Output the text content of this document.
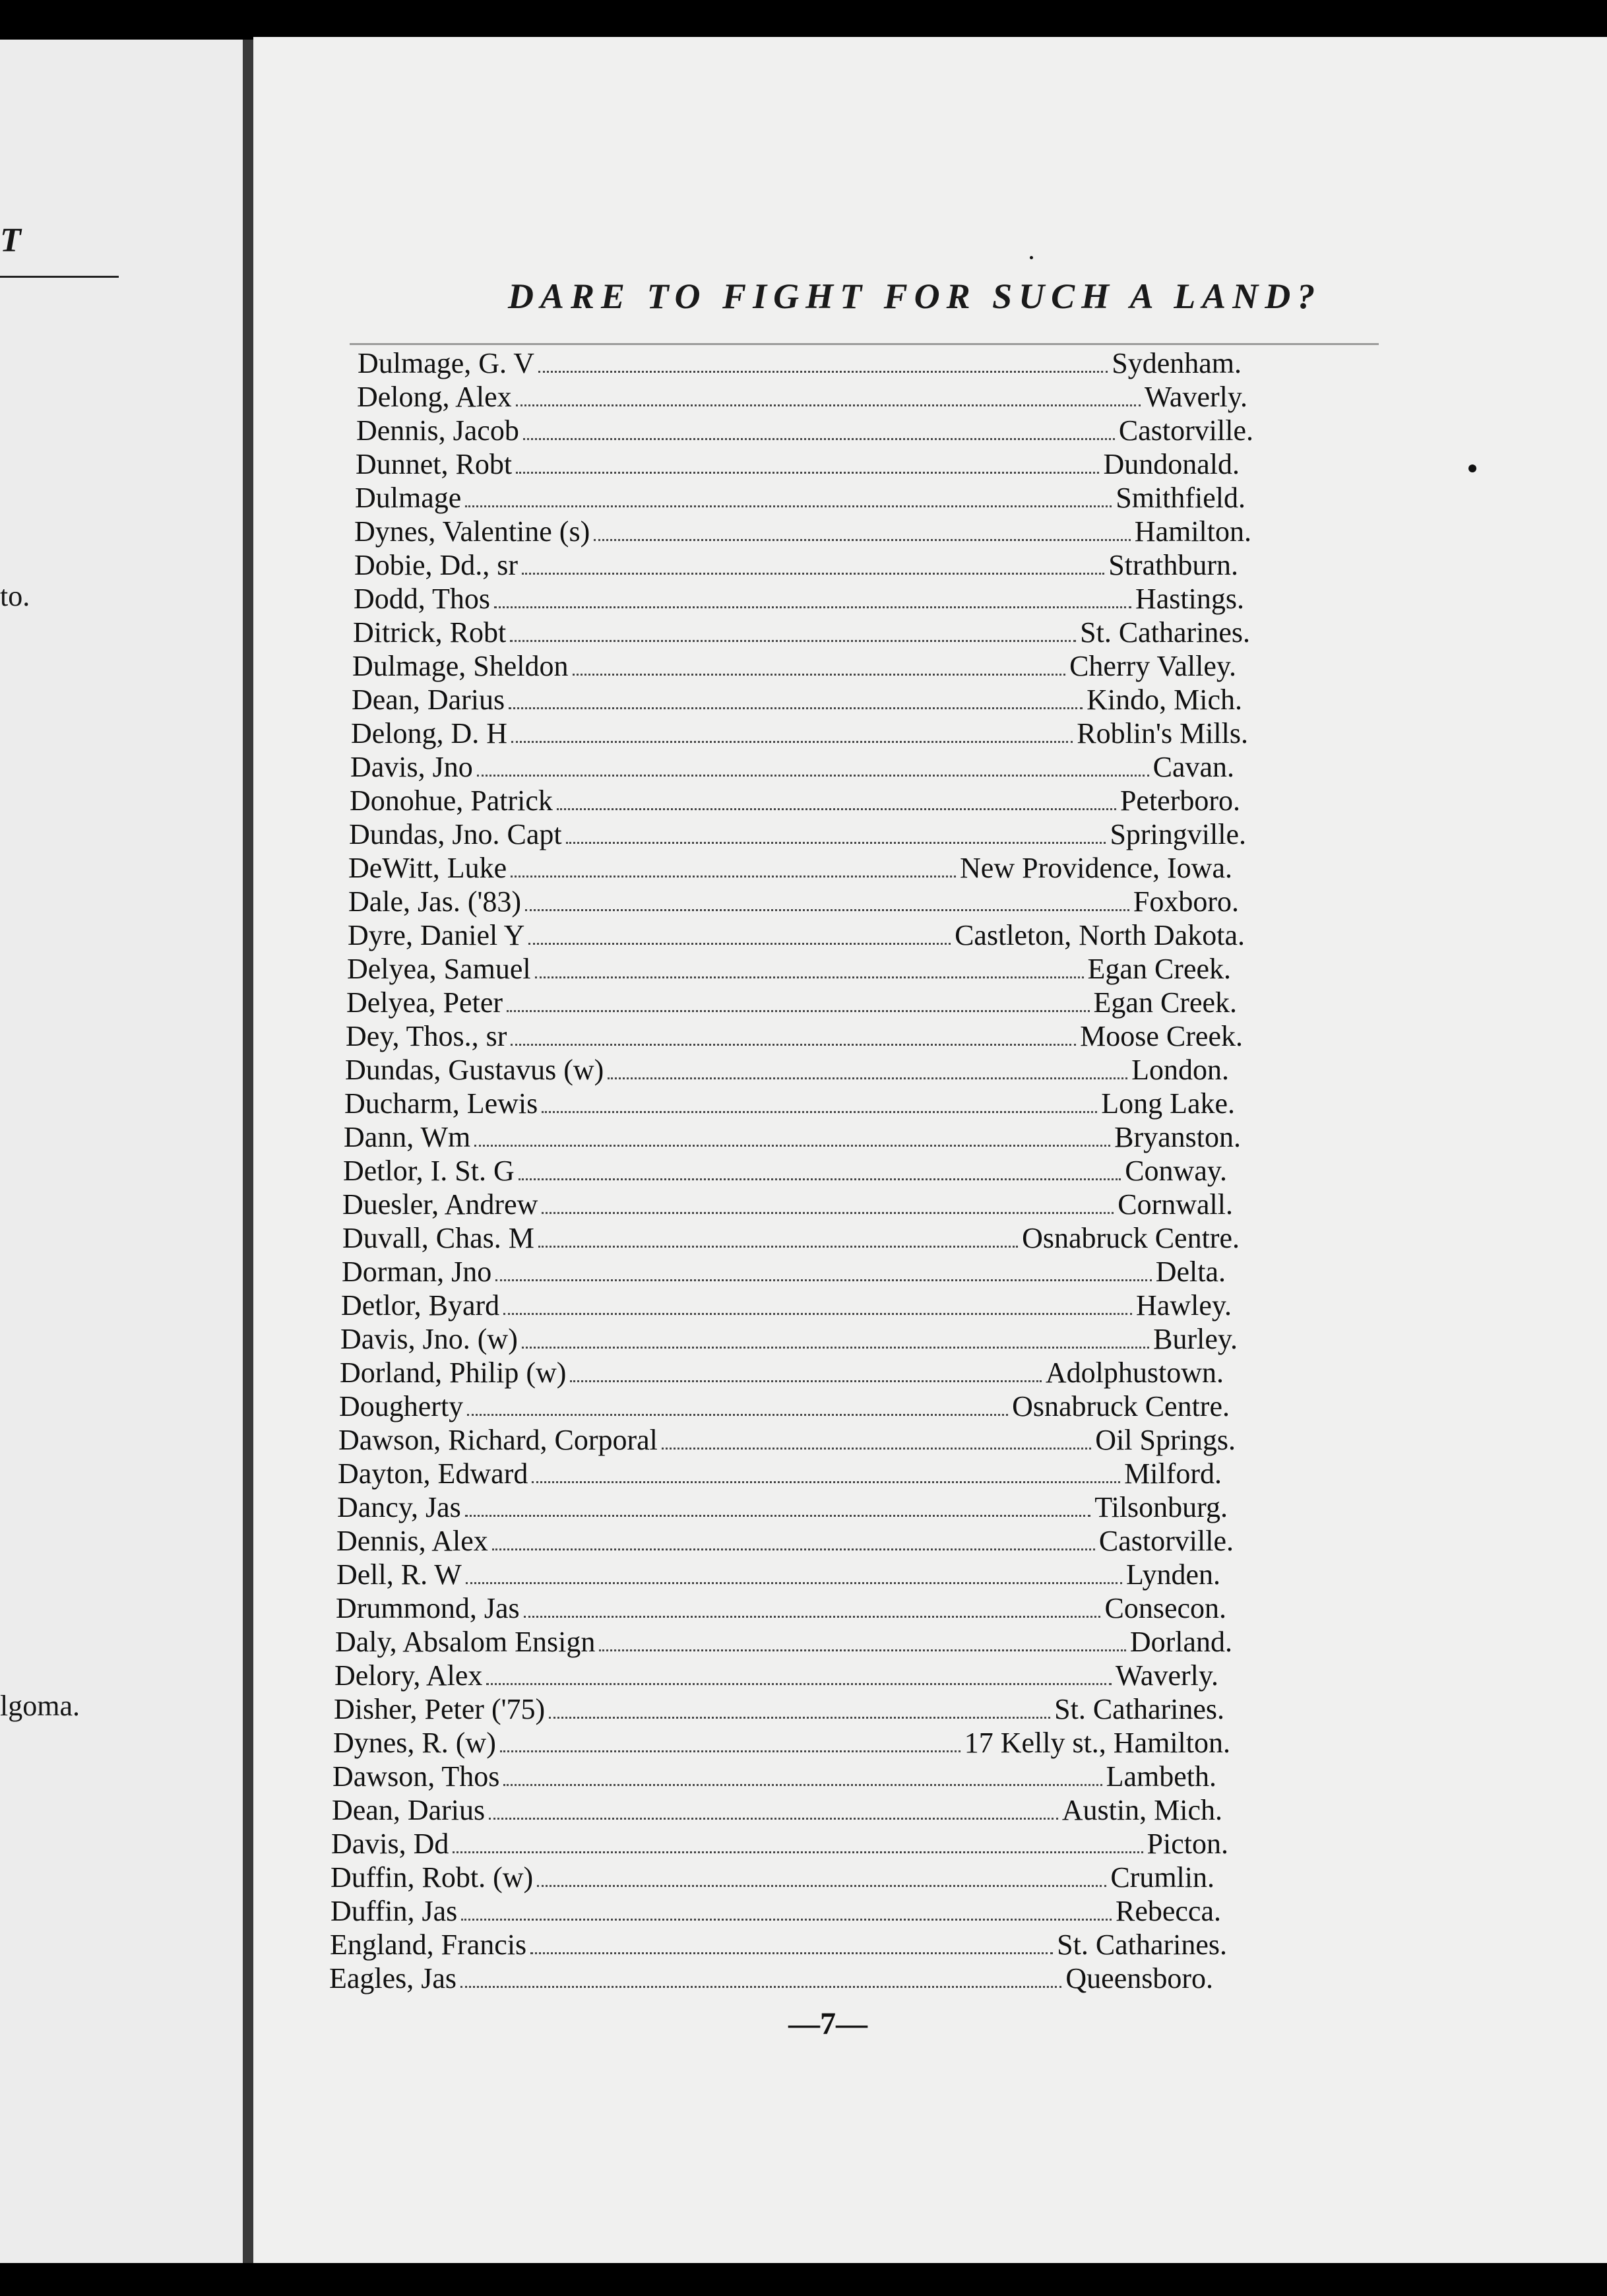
T
to.
lgoma.
DARE TO FIGHT FOR SUCH A LAND?
Dulmage, G. V	Sydenham.
Delong, Alex	Waverly.
Dennis, Jacob	Castorville.
Dunnet, Robt	Dundonald.
Dulmage	Smithfield.
Dynes, Valentine (s)	Hamilton.
Dobie, Dd., sr	Strathburn.
Dodd, Thos	Hastings.
Ditrick, Robt	St. Catharines.
Dulmage, Sheldon	Cherry Valley.
Dean, Darius	Kindo, Mich.
Delong, D. H	Roblin's Mills.
Davis, Jno	Cavan.
Donohue, Patrick	Peterboro.
Dundas, Jno. Capt	Springville.
DeWitt, Luke	New Providence, Iowa.
Dale, Jas. ('83)	Foxboro.
Dyre, Daniel Y	Castleton, North Dakota.
Delyea, Samuel	Egan Creek.
Delyea, Peter	Egan Creek.
Dey, Thos., sr	Moose Creek.
Dundas, Gustavus (w)	London.
Ducharm, Lewis	Long Lake.
Dann, Wm	Bryanston.
Detlor, I. St. G	Conway.
Duesler, Andrew	Cornwall.
Duvall, Chas. M	Osnabruck Centre.
Dorman, Jno	Delta.
Detlor, Byard	Hawley.
Davis, Jno. (w)	Burley.
Dorland, Philip (w)	Adolphustown.
Dougherty	Osnabruck Centre.
Dawson, Richard, Corporal	Oil Springs.
Dayton, Edward	Milford.
Dancy, Jas	Tilsonburg.
Dennis, Alex	Castorville.
Dell, R. W	Lynden.
Drummond, Jas	Consecon.
Daly, Absalom Ensign	Dorland.
Delory, Alex	Waverly.
Disher, Peter ('75)	St. Catharines.
Dynes, R. (w)	17 Kelly st., Hamilton.
Dawson, Thos	Lambeth.
Dean, Darius	Austin, Mich.
Davis, Dd	Picton.
Duffin, Robt. (w)	Crumlin.
Duffin, Jas	Rebecca.
England, Francis	St. Catharines.
Eagles, Jas	Queensboro.
—7—
